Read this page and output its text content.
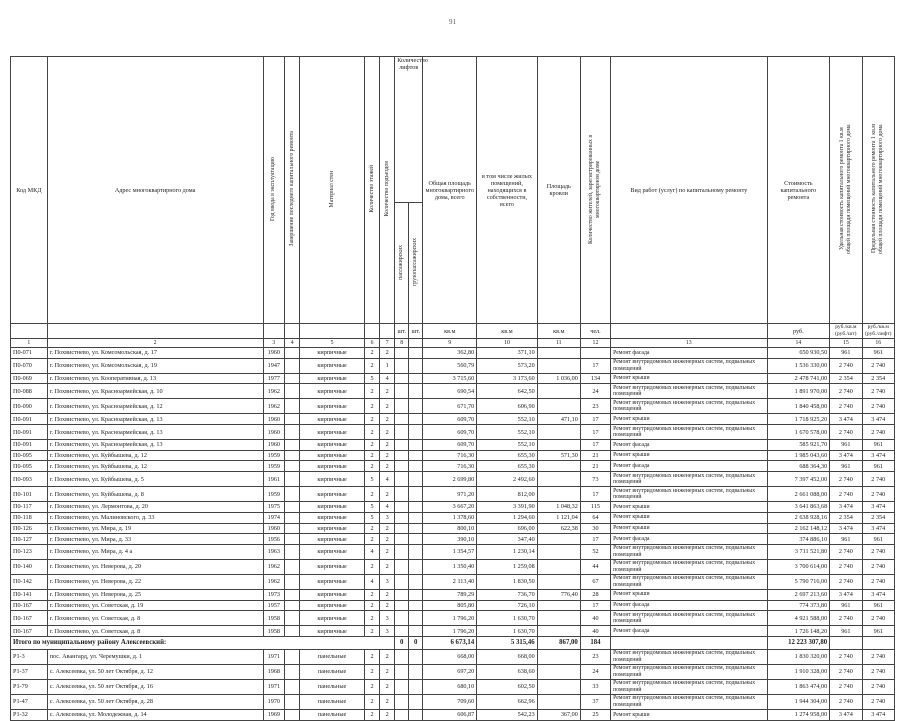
91
Код МКД	Адрес многоквартирного дома	Год ввода в эксплуатацию	Завершение последнего капитального ремонта	Материал стен	Количество этажей	Количество подъездов	Количество лифтов		Общая площадь многоквартирного дома, всего	в том числе жилых помещений, находящихся в собственности, всего	Площадь кровли	Количество жителей, зарегистрированных в многоквартирном доме	Вид работ (услуг) по капитальному ремонту	Стоимость капитального ремонта	Удельная стоимость капитального ремонта 1 кв.м общей площади помещений многоквартирного дома	Предельная стоимость капитального ремонта 1 кв.м общей площади помещений многоквартирного дома
							пассажирских	грузопассажирских								
							шт.	шт.	кв.м	кв.м	кв.м	чел.		руб.	руб./кв.м (руб./шт)	руб./кв.м (руб./лифт)
1	2	3	4	5	6	7	8		9	10	11	12	13	14	15	16
П0-071	г. Похвистнево, ул. Комсомольская, д. 17	1960		кирпичные	2	2			362,80	371,10			Ремонт фасада	650 930,50	961	961
П0-070	г. Похвистнево, ул. Комсомольская, д. 19	1947		кирпичные	2	1			560,79	573,20		17	Ремонт внутридомовых инженерных систем, подвальных помещений	1 536 330,00	2 740	2 740
П0-069	г. Похвистнево, ул. Кооперативная, д. 13	1977		кирпичные	5	4			3 715,60	3 173,60	1 036,00	134	Ремонт крыши	2 478 741,00	2 354	2 354
П0-088	г. Похвистнево, ул. Красноармейская, д. 10	1962		кирпичные	2	2			690,54	642,50		24	Ремонт внутридомовых инженерных систем, подвальных помещений	1 891 970,00	2 740	2 740
П0-090	г. Похвистнево, ул. Красноармейская, д. 12	1962		кирпичные	2	2			671,70	606,90		23	Ремонт внутридомовых инженерных систем, подвальных помещений	1 840 458,00	2 740	2 740
П0-091	г. Похвистнево, ул. Красноармейская, д. 13	1960		кирпичные	2	2			609,70	552,10	471,10	17	Ремонт крыши	1 718 925,20	3 474	3 474
П0-091	г. Похвистнево, ул. Красноармейская, д. 13	1960		кирпичные	2	2			609,70	552,10		17	Ремонт внутридомовых инженерных систем, подвальных помещений	1 670 578,00	2 740	2 740
П0-091	г. Похвистнево, ул. Красноармейская, д. 13	1960		кирпичные	2	2			609,70	552,10		17	Ремонт фасада	585 921,70	961	961
П0-095	г. Похвистнево, ул. Куйбышева, д. 12	1959		кирпичные	2	2			716,30	655,30	571,30	21	Ремонт крыши	1 985 043,60	3 474	3 474
П0-095	г. Похвистнево, ул. Куйбышева, д. 12	1959		кирпичные	2	2			716,30	655,30		21	Ремонт фасада	688 364,30	961	961
П0-093	г. Похвистнево, ул. Куйбышева, д. 5	1961		кирпичные	5	4			2 699,80	2 492,60		73	Ремонт внутридомовых инженерных систем, подвальных помещений	7 397 452,00	2 740	2 740
П0-101	г. Похвистнево, ул. Куйбышева, д. 8	1959		кирпичные	2	2			971,20	812,00		17	Ремонт внутридомовых инженерных систем, подвальных помещений	2 661 088,00	2 740	2 740
П0-117	г. Похвистнево, ул. Лермонтова, д. 20	1975		кирпичные	5	4			3 667,20	3 391,90	1 048,32	115	Ремонт крыши	3 641 863,68	3 474	3 474
П0-118	г. Похвистнево, ул. Малиновского, д. 33	1974		кирпичные	5	3			1 378,60	1 294,60	1 121,04	64	Ремонт крыши	2 638 928,16	2 354	2 354
П0-126	г. Похвистнево, ул. Мира, д. 19	1960		кирпичные	2	2			800,10	696,00	622,38	30	Ремонт крыши	2 162 148,12	3 474	3 474
П0-127	г. Похвистнево, ул. Мира, д. 33	1956		кирпичные	2	2			390,10	347,40		17	Ремонт фасада	374 886,10	961	961
П0-123	г. Похвистнево, ул. Мира, д. 4 а	1963		кирпичные	4	2			1 354,57	1 230,14		52	Ремонт внутридомовых инженерных систем, подвальных помещений	3 711 521,80	2 740	2 740
П0-140	г. Похвистнево, ул. Неверова, д. 20	1962		кирпичные	2	2			1 350,40	1 259,08		44	Ремонт внутридомовых инженерных систем, подвальных помещений	3 700 614,00	2 740	2 740
П0-142	г. Похвистнево, ул. Неверова, д. 22	1962		кирпичные	4	3			2 113,40	1 830,50		67	Ремонт внутридомовых инженерных систем, подвальных помещений	5 790 716,00	2 740	2 740
П0-141	г. Похвистнево, ул. Неверова, д. 25	1973		кирпичные	2	2			789,29	736,70	776,40	28	Ремонт крыши	2 697 213,60	3 474	3 474
П0-167	г. Похвистнево, ул. Советская, д. 19	1957		кирпичные	2	2			805,80	726,10		17	Ремонт фасада	774 373,80	961	961
П0-167	г. Похвистнево, ул. Советская, д. 8	1958		кирпичные	2	3			1 796,20	1 630,70		40	Ремонт внутридомовых инженерных систем, подвальных помещений	4 921 588,00	2 740	2 740
П0-167	г. Похвистнево, ул. Советская, д. 8	1958		кирпичные	2	3			1 796,20	1 630,70		40	Ремонт фасада	1 726 148,20	961	961
Итого по муниципальному району Алексеевский:							0	0	6 673,14	5 315,46	867,00	184		12 223 307,80		
Р1-3	пос. Авангард, ул. Черемушки, д. 1	1971		панельные	2	2			668,00	668,00		23	Ремонт внутридомовых инженерных систем, подвальных помещений	1 830 320,00	2 740	2 740
Р1-37	с. Алексеевка, ул. 50 лет Октября, д. 12	1968		панельные	2	2			697,20	638,60		24	Ремонт внутридомовых инженерных систем, подвальных помещений	1 910 328,00	2 740	2 740
Р1-79	с. Алексеевка, ул. 50 лет Октября, д. 16	1971		панельные	2	2			680,10	602,50		33	Ремонт внутридомовых инженерных систем, подвальных помещений	1 863 474,00	2 740	2 740
Р1-47	с. Алексеевка, ул. 50 лет Октября, д. 28	1970		панельные	2	2			709,60	662,96		37	Ремонт внутридомовых инженерных систем, подвальных помещений	1 944 304,00	2 740	2 740
Р1-32	с. Алексеевка, ул. Молодежная, д. 14	1969		панельные	2	2			606,87	542,23	367,00	25	Ремонт крыши	1 274 958,00	3 474	3 474
